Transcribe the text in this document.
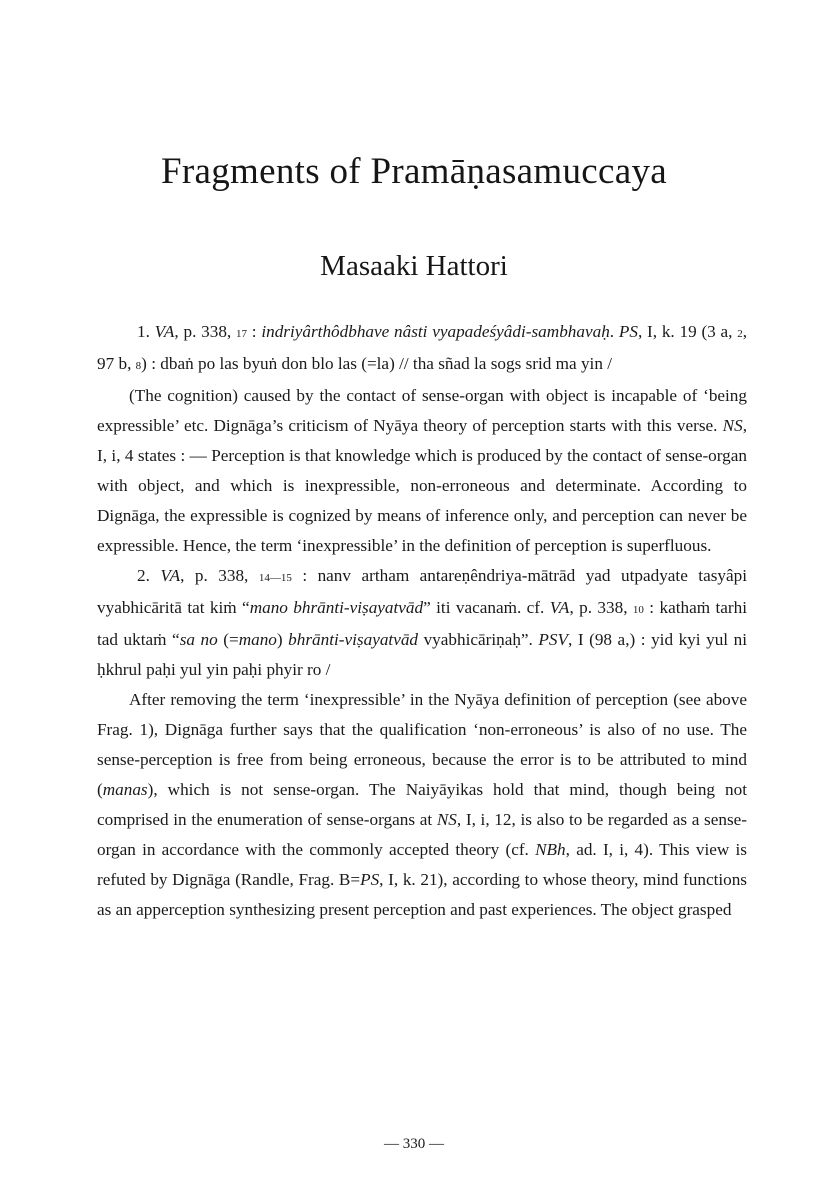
Fragments of Pramāṇasamuccaya
Masaaki Hattori

1. VA, p. 338, 17 : indriyârthôdbhave nâsti vyapadeśyâdi-sambhavaḥ. PS, I, k. 19 (3 a, 2, 97 b, 8) : dbaṅ po las byuṅ don blo las (=la) // tha sñad la sogs srid ma yin /

(The cognition) caused by the contact of sense-organ with object is incapable of ‘being expressible’ etc. Dignāga’s criticism of Nyāya theory of perception starts with this verse. NS, I, i, 4 states : — Perception is that knowledge which is produced by the contact of sense-organ with object, and which is inexpressible, non-erroneous and determinate. According to Dignāga, the expressible is cognized by means of inference only, and perception can never be expressible. Hence, the term ‘inexpressible’ in the definition of perception is superfluous.

2. VA, p. 338, 14—15 : nanv artham antareṇêndriya-mātrād yad utpadyate tasyâpi vyabhicāritā tat kiṁ “mano bhrānti-viṣayatvād” iti vacanaṁ. cf. VA, p. 338, 10 : kathaṁ tarhi tad uktaṁ “sa no (=mano) bhrānti-viṣayatvād vyabhicāriṇaḥ”. PSV, I (98 a,) : yid kyi yul ni ḥkhrul paḥi yul yin paḥi phyir ro /

After removing the term ‘inexpressible’ in the Nyāya definition of perception (see above Frag. 1), Dignāga further says that the qualification ‘non-erroneous’ is also of no use. The sense-perception is free from being erroneous, because the error is to be attributed to mind (manas), which is not sense-organ. The Naiyāyikas hold that mind, though being not comprised in the enumeration of sense-organs at NS, I, i, 12, is also to be regarded as a sense-organ in accordance with the commonly accepted theory (cf. NBh, ad. I, i, 4). This view is refuted by Dignāga (Randle, Frag. B=PS, I, k. 21), according to whose theory, mind functions as an apperception synthesizing present perception and past experiences. The object grasped

— 330 —
